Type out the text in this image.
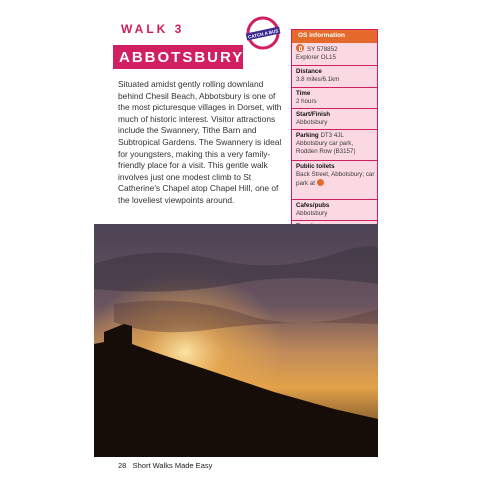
WALK 3	CATCH A BUS
ABBOTSBURY
Situated amidst gently rolling downland behind Chesil Beach, Abbotsbury is one of the most picturesque villages in Dorset, with much of historic interest. Visitor attractions include the Swannery, Tithe Barn and Subtropical Gardens. The Swannery is ideal for youngsters, making this a very family-friendly place for a visit. This gentle walk involves just one modest climb to St Catherine's Chapel atop Chapel Hill, one of the loveliest viewpoints around.
OS information
SY 578852
Explorer OL15
Distance
3.8 miles/6.1km
Time
2 hours
Start/Finish
Abbotsbury
Parking DT3 4JL
Abbotsbury car park, Rodden Row (B3157)
Public toilets
Back Street, Abbotsbury; car park at
Cafes/pubs
Abbotsbury
28 Short Walks Made Easy
